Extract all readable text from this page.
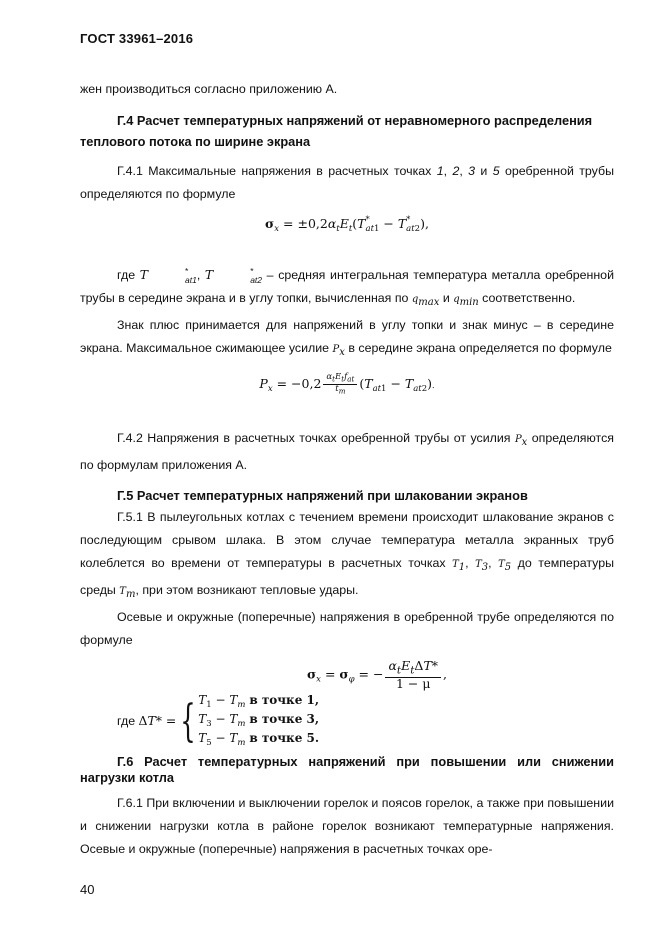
ГОСТ 33961–2016

жен производиться согласно приложению А.

Г.4 Расчет температурных напряжений от неравномерного распределения теплового потока по ширине экрана

Г.4.1 Максимальные напряжения в расчетных точках 1, 2, 3 и 5 оребренной трубы определяются по формуле

$\sigma_x = \pm 0,2\alpha_tE_t(T$ *
at $_1$ − T *
at $_2$),

где T	*
at1 , T	*
at2 – средняя интегральная температура металла оребренной трубы в середине экрана и в углу топки, вычисленная по $q_{max}$ и $q_{min}$ соответственно.

Знак плюс принимается для напряжений в углу топки и знак минус – в середине экрана. Максимальное сжимающее усилие $P_x$ в середине экрана определяется по формуле

$P_x = -0,2 \frac{\alpha_tE_tf_{at}}{t_m} (T_{at1} - T_{at2})$.

Г.4.2 Напряжения в расчетных точках оребренной трубы от усилия $P_x$ определяются по формулам приложения А.

Г.5 Расчет температурных напряжений при шлаковании экранов

Г.5.1 В пылеугольных котлах с течением времени происходит шлакование экранов с последующим срывом шлака. В этом случае температура металла экранных труб колеблется во времени от температуры в расчетных точках $T_1$, $T_3$, $T_5$ до температуры среды $T_m$, при этом возникают тепловые удары.

Осевые и окружные (поперечные) напряжения в оребренной трубе определяются по формуле

$\sigma_x = \sigma_\varphi$ = − $\frac{\alpha_tE_t\Delta T*}{1 - \mu}$ ,

где ΔT* ={ $T_1 - T_m$ в точке 1,
$T_3 - T_m$ в точке 3,
$T_5 - T_m$ в точке 5.

Г.6 Расчет температурных напряжений при повышении или снижении нагрузки котла

Г.6.1 При включении и выключении горелок и поясов горелок, а также при повышении и снижении нагрузки котла в районе горелок возникают температурные напряжения. Осевые и окружные (поперечные) напряжения в расчетных точках оре-

40
